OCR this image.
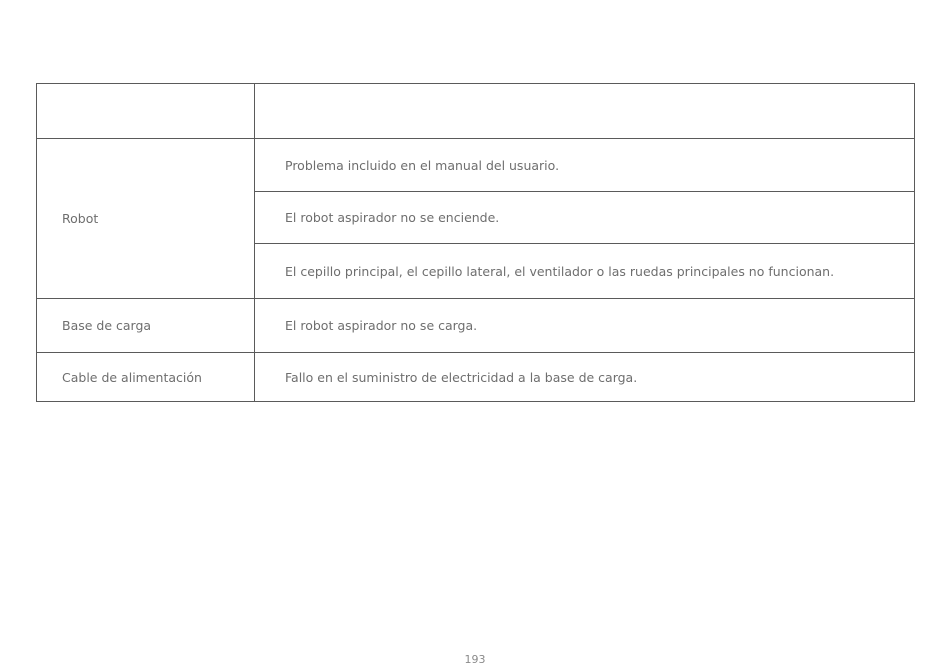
Robot	Problema incluido en el manual del usuario.
	El robot aspirador no se enciende.
	El cepillo principal, el cepillo lateral, el ventilador o las ruedas principales no funcionan.
Base de carga	El robot aspirador no se carga.
Cable de alimentación	Fallo en el suministro de electricidad a la base de carga.
193
